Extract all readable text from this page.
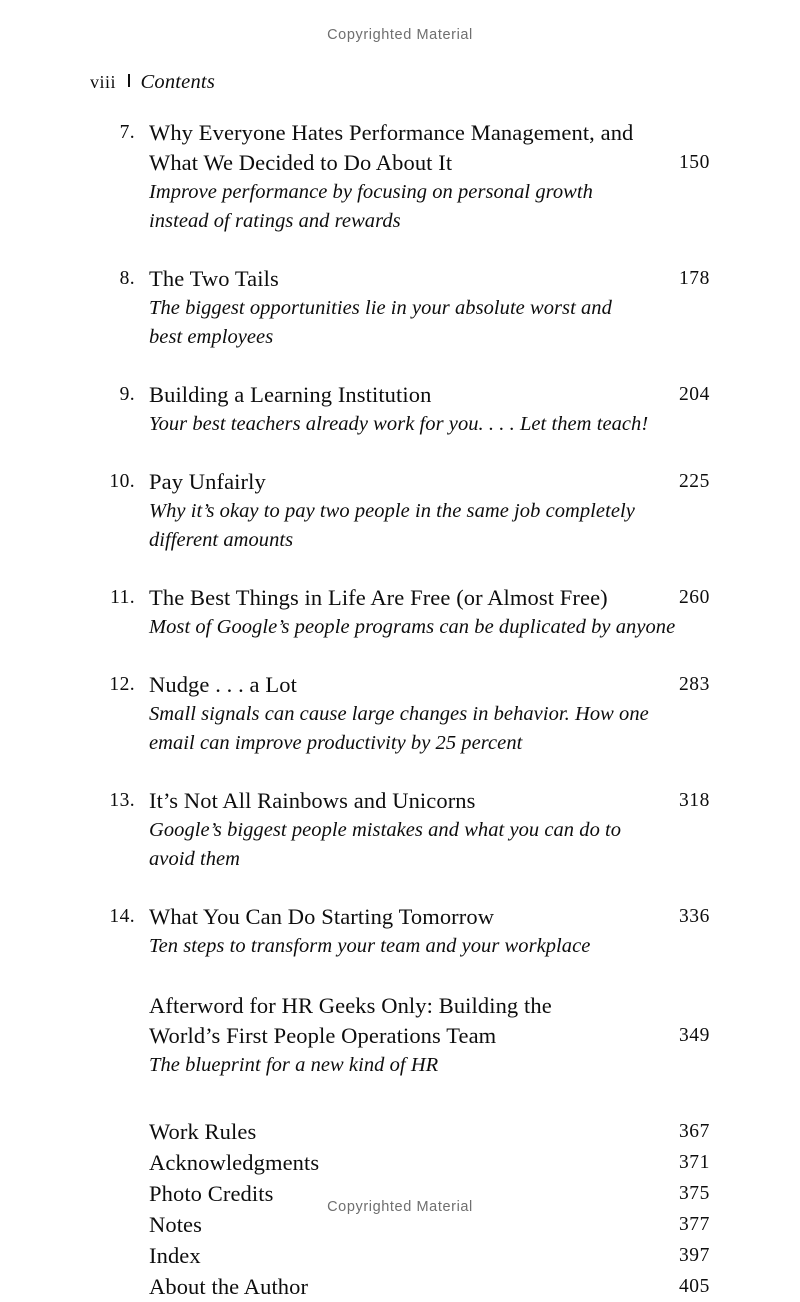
Copyrighted Material
viii Contents
7. Why Everyone Hates Performance Management, and
What We Decided to Do About It	150
Improve performance by focusing on personal growth
instead of ratings and rewards
8. The Two Tails	178
The biggest opportunities lie in your absolute worst and
best employees
9. Building a Learning Institution	204
Your best teachers already work for you. . . . Let them teach!
10. Pay Unfairly	225
Why it’s okay to pay two people in the same job completely
different amounts
11. The Best Things in Life Are Free (or Almost Free)	260
Most of Google’s people programs can be duplicated by anyone
12. Nudge . . . a Lot	283
Small signals can cause large changes in behavior. How one
email can improve productivity by 25 percent
13. It’s Not All Rainbows and Unicorns	318
Google’s biggest people mistakes and what you can do to
avoid them
14. What You Can Do Starting Tomorrow	336
Ten steps to transform your team and your workplace
Afterword for HR Geeks Only: Building the
World’s First People Operations Team	349
The blueprint for a new kind of HR
Work Rules	367
Acknowledgments	371
Photo Credits	375
Notes	377
Index	397
About the Author	405
Copyrighted Material
